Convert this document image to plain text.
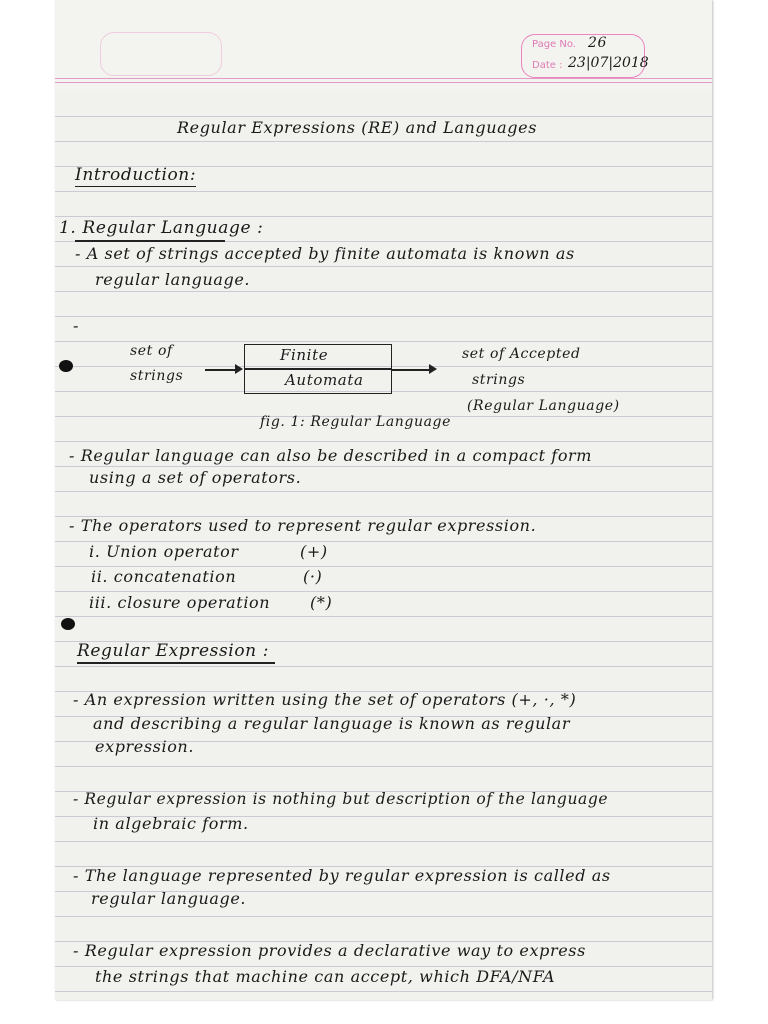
Page No. 26
Date : 23|07|2018
Regular Expressions (RE) and Languages
Introduction:
1. Regular Language :
- A set of strings accepted by finite automata is known as
regular language.
-
set of
strings
Finite
Automata
set of Accepted
strings
(Regular Language)
fig. 1: Regular Language
- Regular language can also be described in a compact form
using a set of operators.
- The operators used to represent regular expression.
i. Union operator	(+)
ii. concatenation	(·)
iii. closure operation (*)
Regular Expression :
- An expression written using the set of operators (+, ·, *)
and describing a regular language is known as regular
expression.
- Regular expression is nothing but description of the language
in algebraic form.
- The language represented by regular expression is called as
regular language.
- Regular expression provides a declarative way to express
the strings that machine can accept, which DFA/NFA
